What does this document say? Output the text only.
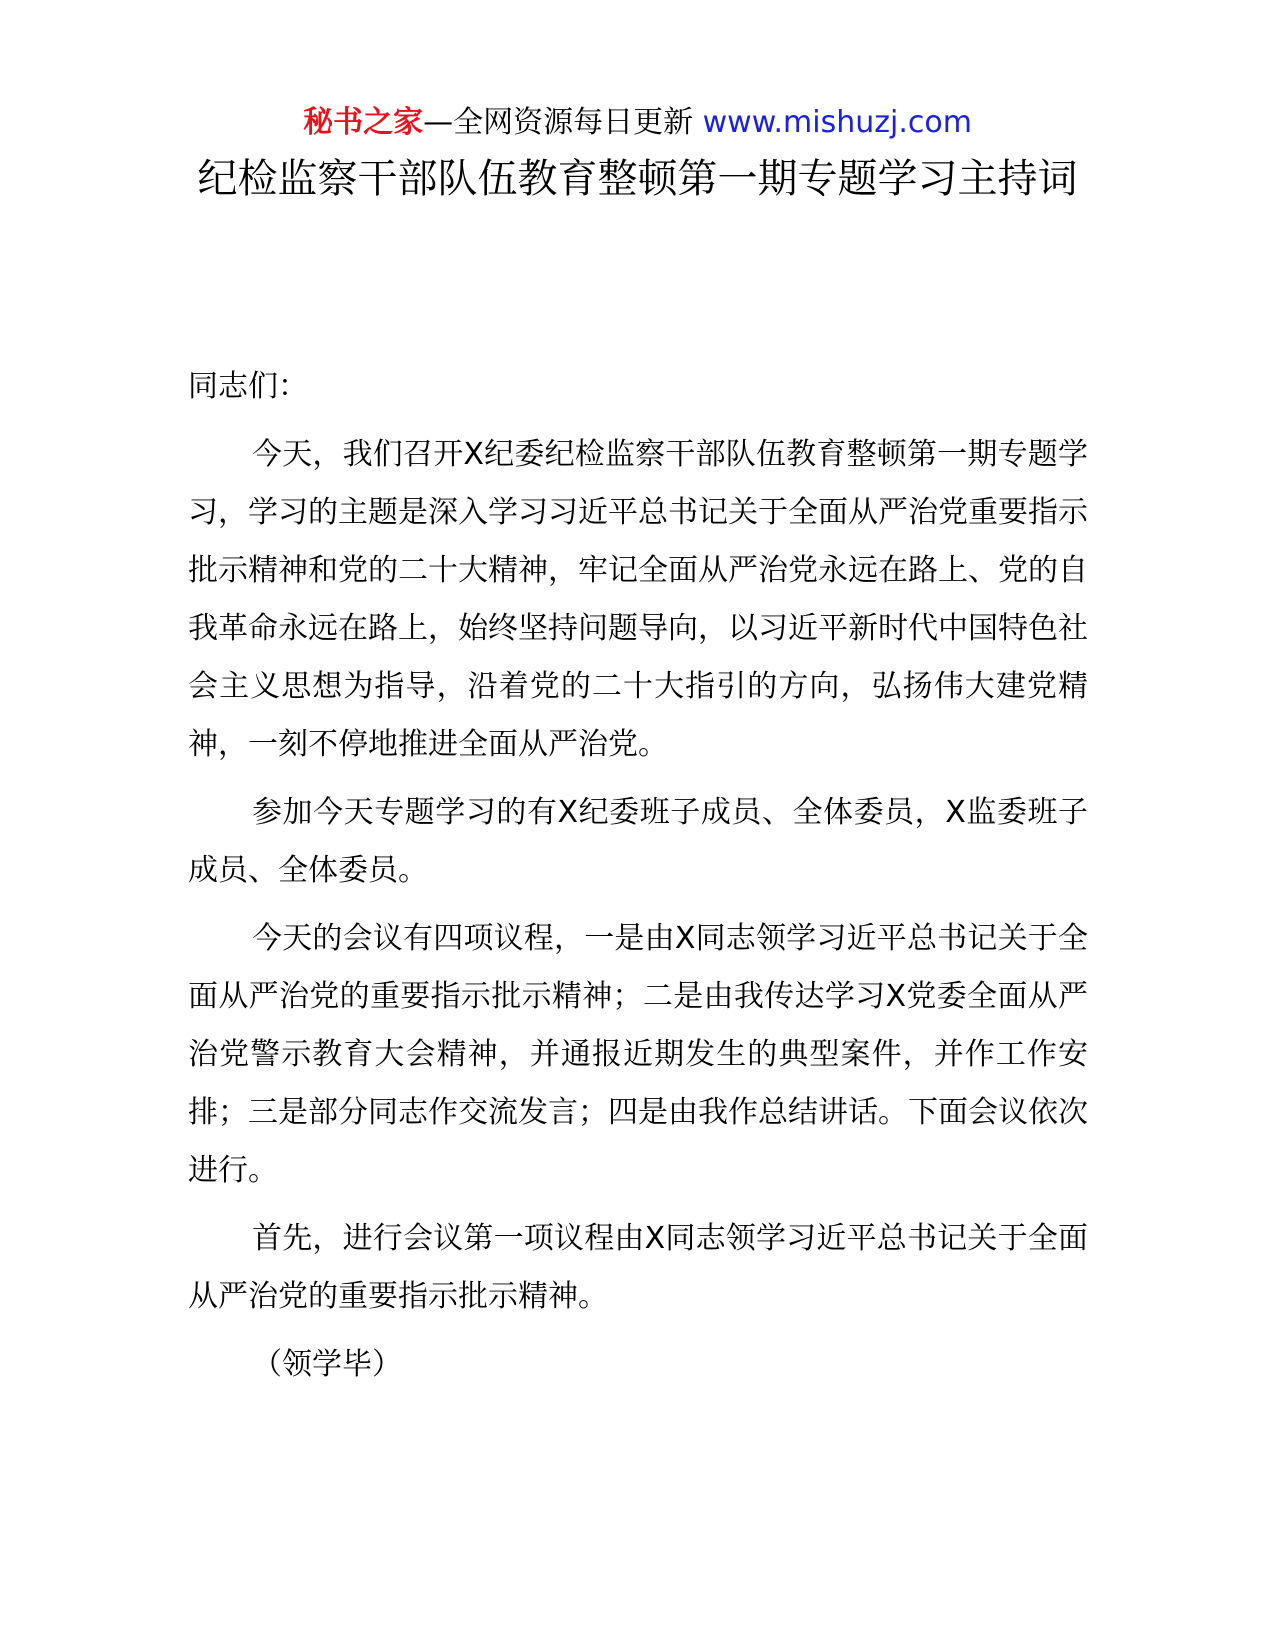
秘书之家—全网资源每日更新 www.mishuzj.com
纪检监察干部队伍教育整顿第一期专题学习主持词

同志们：

今天，我们召开X纪委纪检监察干部队伍教育整顿第一期专题学习，学习的主题是深入学习习近平总书记关于全面从严治党重要指示批示精神和党的二十大精神，牢记全面从严治党永远在路上、党的自我革命永远在路上，始终坚持问题导向，以习近平新时代中国特色社会主义思想为指导，沿着党的二十大指引的方向，弘扬伟大建党精神，一刻不停地推进全面从严治党。

参加今天专题学习的有X纪委班子成员、全体委员，X监委班子成员、全体委员。

今天的会议有四项议程，一是由X同志领学习近平总书记关于全面从严治党的重要指示批示精神；二是由我传达学习X党委全面从严治党警示教育大会精神，并通报近期发生的典型案件，并作工作安排；三是部分同志作交流发言；四是由我作总结讲话。下面会议依次进行。

首先，进行会议第一项议程由X同志领学习近平总书记关于全面从严治党的重要指示批示精神。

（领学毕）
